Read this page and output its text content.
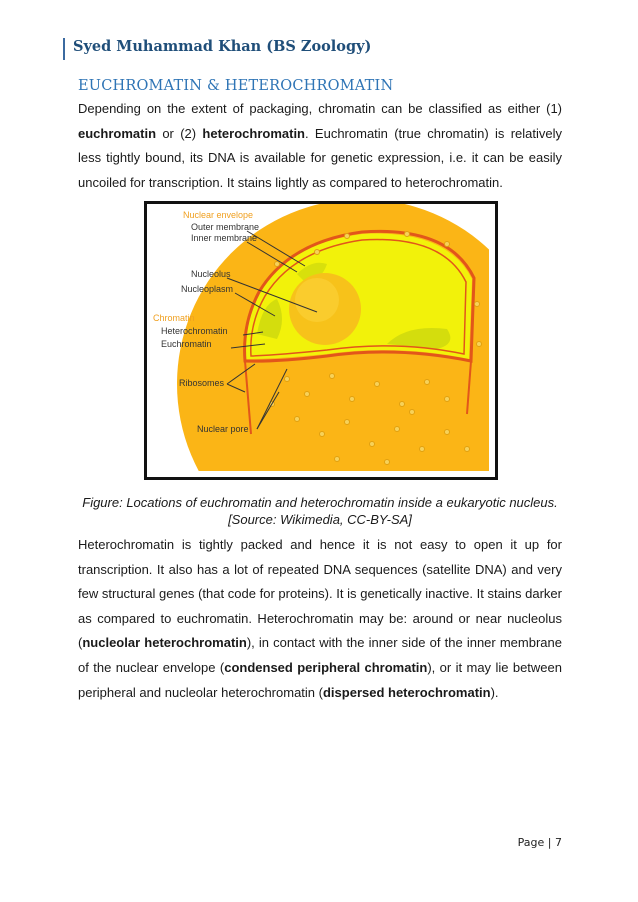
Syed Muhammad Khan (BS Zoology)
EUCHROMATIN & HETEROCHROMATIN

Depending on the extent of packaging, chromatin can be classified as either (1) euchromatin or (2) heterochromatin. Euchromatin (true chromatin) is relatively less tightly bound, its DNA is available for genetic expression, i.e. it can be easily uncoiled for transcription. It stains lightly as compared to heterochromatin.

Nuclear envelope
Outer membrane
Inner membrane
Nucleolus
Nucleoplasm
Chromatin
Heterochromatin
Euchromatin
Ribosomes
Nuclear pore
Figure: Locations of euchromatin and heterochromatin inside a eukaryotic nucleus.
[Source: Wikimedia, CC-BY-SA]

Heterochromatin is tightly packed and hence it is not easy to open it up for transcription. It also has a lot of repeated DNA sequences (satellite DNA) and very few structural genes (that code for proteins). It is genetically inactive. It stains darker as compared to euchromatin. Heterochromatin may be: around or near nucleolus (nucleolar heterochromatin), in contact with the inner side of the inner membrane of the nuclear envelope (condensed peripheral chromatin), or it may lie between peripheral and nucleolar heterochromatin (dispersed heterochromatin).

Page | 7
